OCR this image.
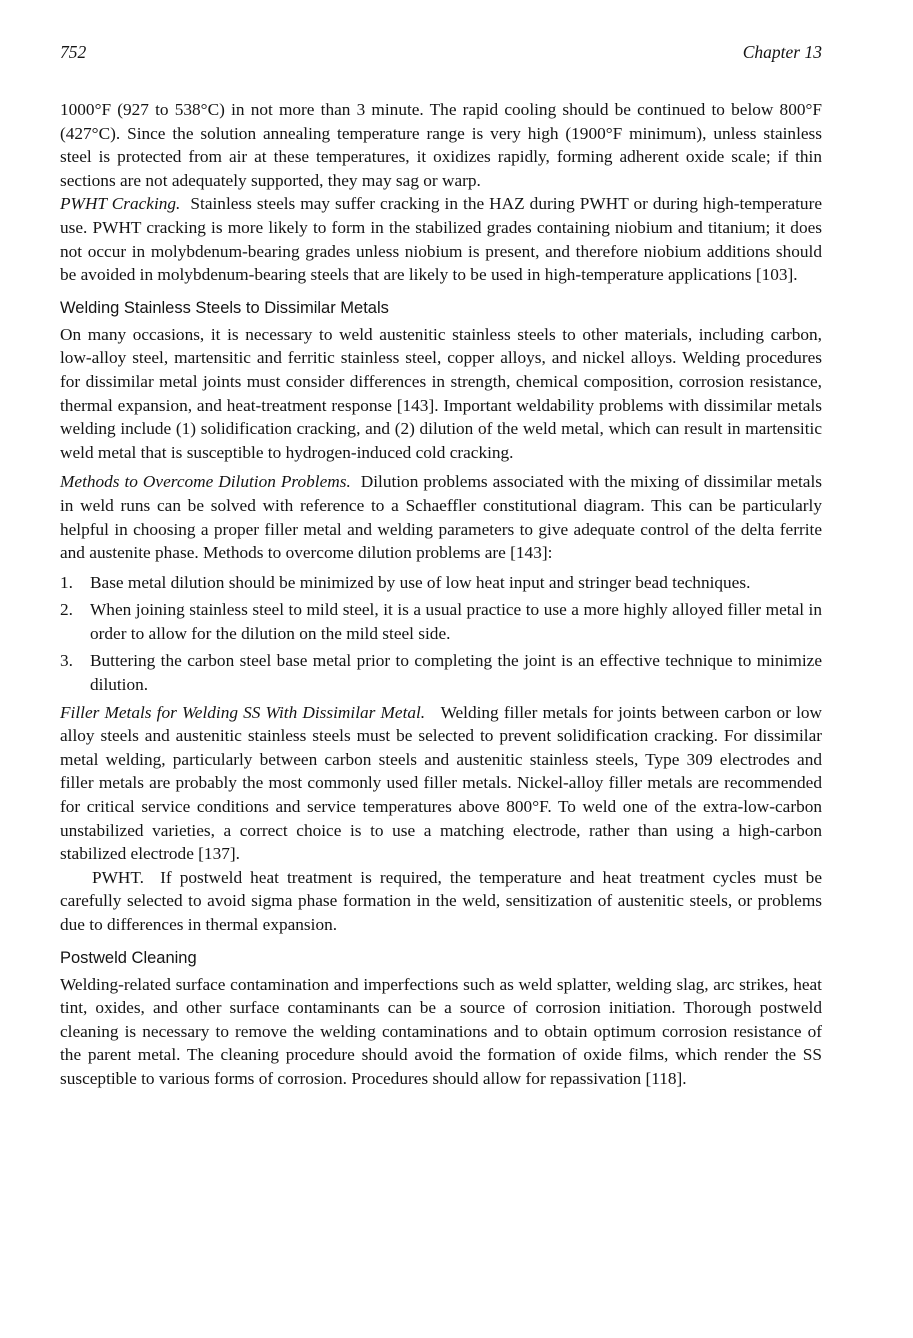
752	Chapter 13

1000°F (927 to 538°C) in not more than 3 minute. The rapid cooling should be continued to below 800°F (427°C). Since the solution annealing temperature range is very high (1900°F minimum), unless stainless steel is protected from air at these temperatures, it oxidizes rapidly, forming adherent oxide scale; if thin sections are not adequately supported, they may sag or warp.

PWHT Cracking. Stainless steels may suffer cracking in the HAZ during PWHT or during high-temperature use. PWHT cracking is more likely to form in the stabilized grades containing niobium and titanium; it does not occur in molybdenum-bearing grades unless niobium is present, and therefore niobium additions should be avoided in molybdenum-bearing steels that are likely to be used in high-temperature applications [103].

Welding Stainless Steels to Dissimilar Metals

On many occasions, it is necessary to weld austenitic stainless steels to other materials, including carbon, low-alloy steel, martensitic and ferritic stainless steel, copper alloys, and nickel alloys. Welding procedures for dissimilar metal joints must consider differences in strength, chemical composition, corrosion resistance, thermal expansion, and heat-treatment response [143]. Important weldability problems with dissimilar metals welding include (1) solidification cracking, and (2) dilution of the weld metal, which can result in martensitic weld metal that is susceptible to hydrogen-induced cold cracking.

Methods to Overcome Dilution Problems. Dilution problems associated with the mixing of dissimilar metals in weld runs can be solved with reference to a Schaeffler constitutional diagram. This can be particularly helpful in choosing a proper filler metal and welding parameters to give adequate control of the delta ferrite and austenite phase. Methods to overcome dilution problems are [143]:

1. Base metal dilution should be minimized by use of low heat input and stringer bead techniques.
2. When joining stainless steel to mild steel, it is a usual practice to use a more highly alloyed filler metal in order to allow for the dilution on the mild steel side.
3. Buttering the carbon steel base metal prior to completing the joint is an effective technique to minimize dilution.

Filler Metals for Welding SS With Dissimilar Metal. Welding filler metals for joints between carbon or low alloy steels and austenitic stainless steels must be selected to prevent solidification cracking. For dissimilar metal welding, particularly between carbon steels and austenitic stainless steels, Type 309 electrodes and filler metals are probably the most commonly used filler metals. Nickel-alloy filler metals are recommended for critical service conditions and service temperatures above 800°F. To weld one of the extra-low-carbon unstabilized varieties, a correct choice is to use a matching electrode, rather than using a high-carbon stabilized electrode [137].

PWHT. If postweld heat treatment is required, the temperature and heat treatment cycles must be carefully selected to avoid sigma phase formation in the weld, sensitization of austenitic steels, or problems due to differences in thermal expansion.

Postweld Cleaning

Welding-related surface contamination and imperfections such as weld splatter, welding slag, arc strikes, heat tint, oxides, and other surface contaminants can be a source of corrosion initiation. Thorough postweld cleaning is necessary to remove the welding contaminations and to obtain optimum corrosion resistance of the parent metal. The cleaning procedure should avoid the formation of oxide films, which render the SS susceptible to various forms of corrosion. Procedures should allow for repassivation [118].
